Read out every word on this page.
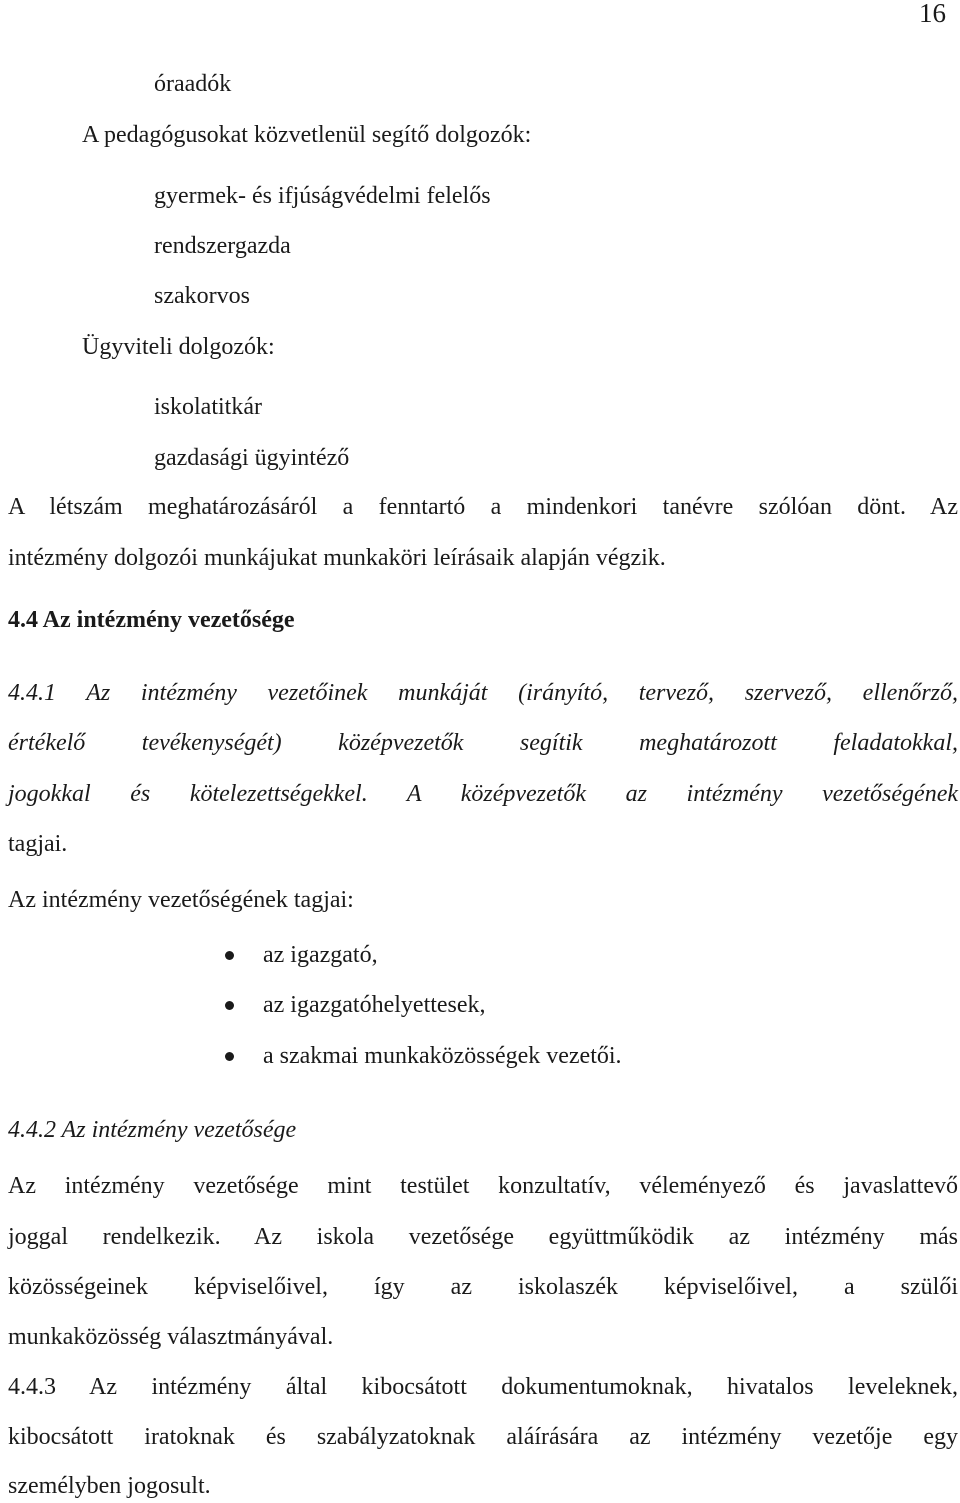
16
óraadók
A pedagógusokat közvetlenül segítő dolgozók:
gyermek- és ifjúságvédelmi felelős
rendszergazda
szakorvos
Ügyviteli dolgozók:
iskolatitkár
gazdasági ügyintéző
A létszám meghatározásáról a fenntartó a mindenkori tanévre szólóan dönt. Az
intézmény dolgozói munkájukat munkaköri leírásaik alapján végzik.
4.4 Az intézmény vezetősége
4.4.1 Az intézmény vezetőinek munkáját (irányító, tervező, szervező, ellenőrző,
értékelő tevékenységét) középvezetők segítik meghatározott feladatokkal,
jogokkal és kötelezettségekkel. A középvezetők az intézmény vezetőségének
tagjai.
Az intézmény vezetőségének tagjai:
az igazgató,
az igazgatóhelyettesek,
a szakmai munkaközösségek vezetői.
4.4.2 Az intézmény vezetősége
Az intézmény vezetősége mint testület konzultatív, véleményező és javaslattevő
joggal rendelkezik. Az iskola vezetősége együttműködik az intézmény más
közösségeinek képviselőivel, így az iskolaszék képviselőivel, a szülői
munkaközösség választmányával.
4.4.3 Az intézmény által kibocsátott dokumentumoknak, hivatalos leveleknek,
kibocsátott iratoknak és szabályzatoknak aláírására az intézmény vezetője egy
személyben jogosult.
